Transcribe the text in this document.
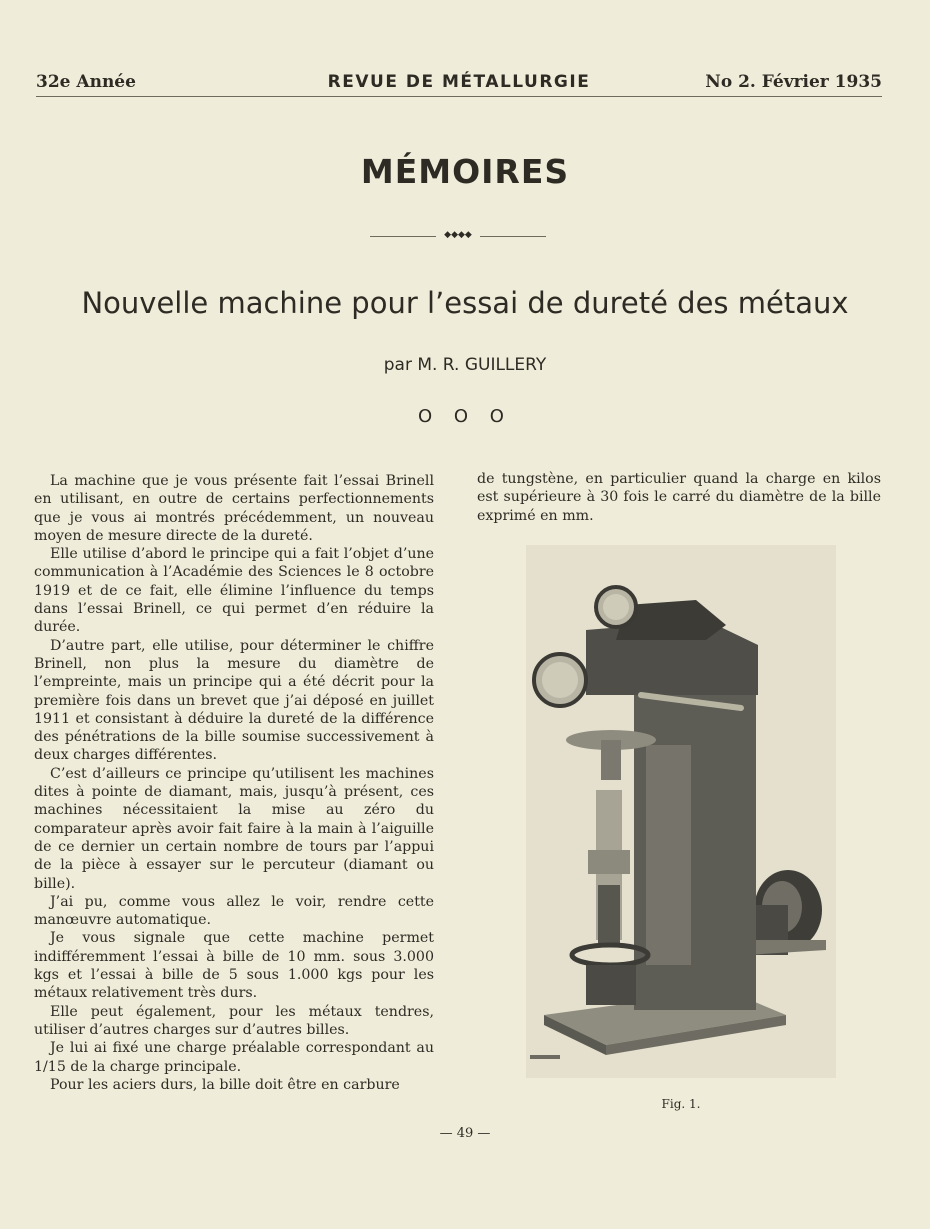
32e Année	REVUE DE MÉTALLURGIE	No 2. Février 1935
MÉMOIRES
◆◆◆◆
Nouvelle machine pour l’essai de dureté des métaux
par M. R. GUILLERY
O O O

La machine que je vous présente fait l’essai Brinell en utilisant, en outre de certains perfectionnements que je vous ai montrés précédemment, un nouveau moyen de mesure directe de la dureté.

Elle utilise d’abord le principe qui a fait l’objet d’une communication à l’Académie des Sciences le 8 octobre 1919 et de ce fait, elle élimine l’influence du temps dans l’essai Brinell, ce qui permet d’en réduire la durée.

D’autre part, elle utilise, pour déterminer le chiffre Brinell, non plus la mesure du diamètre de l’empreinte, mais un principe qui a été décrit pour la première fois dans un brevet que j’ai déposé en juillet 1911 et consistant à déduire la dureté de la différence des pénétrations de la bille soumise successivement à deux charges différentes.

C’est d’ailleurs ce principe qu’utilisent les machines dites à pointe de diamant, mais, jusqu’à présent, ces machines nécessitaient la mise au zéro du comparateur après avoir fait faire à la main à l’aiguille de ce dernier un certain nombre de tours par l’appui de la pièce à essayer sur le percuteur (diamant ou bille).

J’ai pu, comme vous allez le voir, rendre cette manœuvre automatique.

Je vous signale que cette machine permet indifféremment l’essai à bille de 10 mm. sous 3.000 kgs et l’essai à bille de 5 sous 1.000 kgs pour les métaux relativement très durs.

Elle peut également, pour les métaux tendres, utiliser d’autres charges sur d’autres billes.

Je lui ai fixé une charge préalable correspondant au 1/15 de la charge principale.

Pour les aciers durs, la bille doit être en carbure

de tungstène, en particulier quand la charge en kilos est supérieure à 30 fois le carré du diamètre de la bille exprimé en mm.

Fig. 1.
— 49 —
